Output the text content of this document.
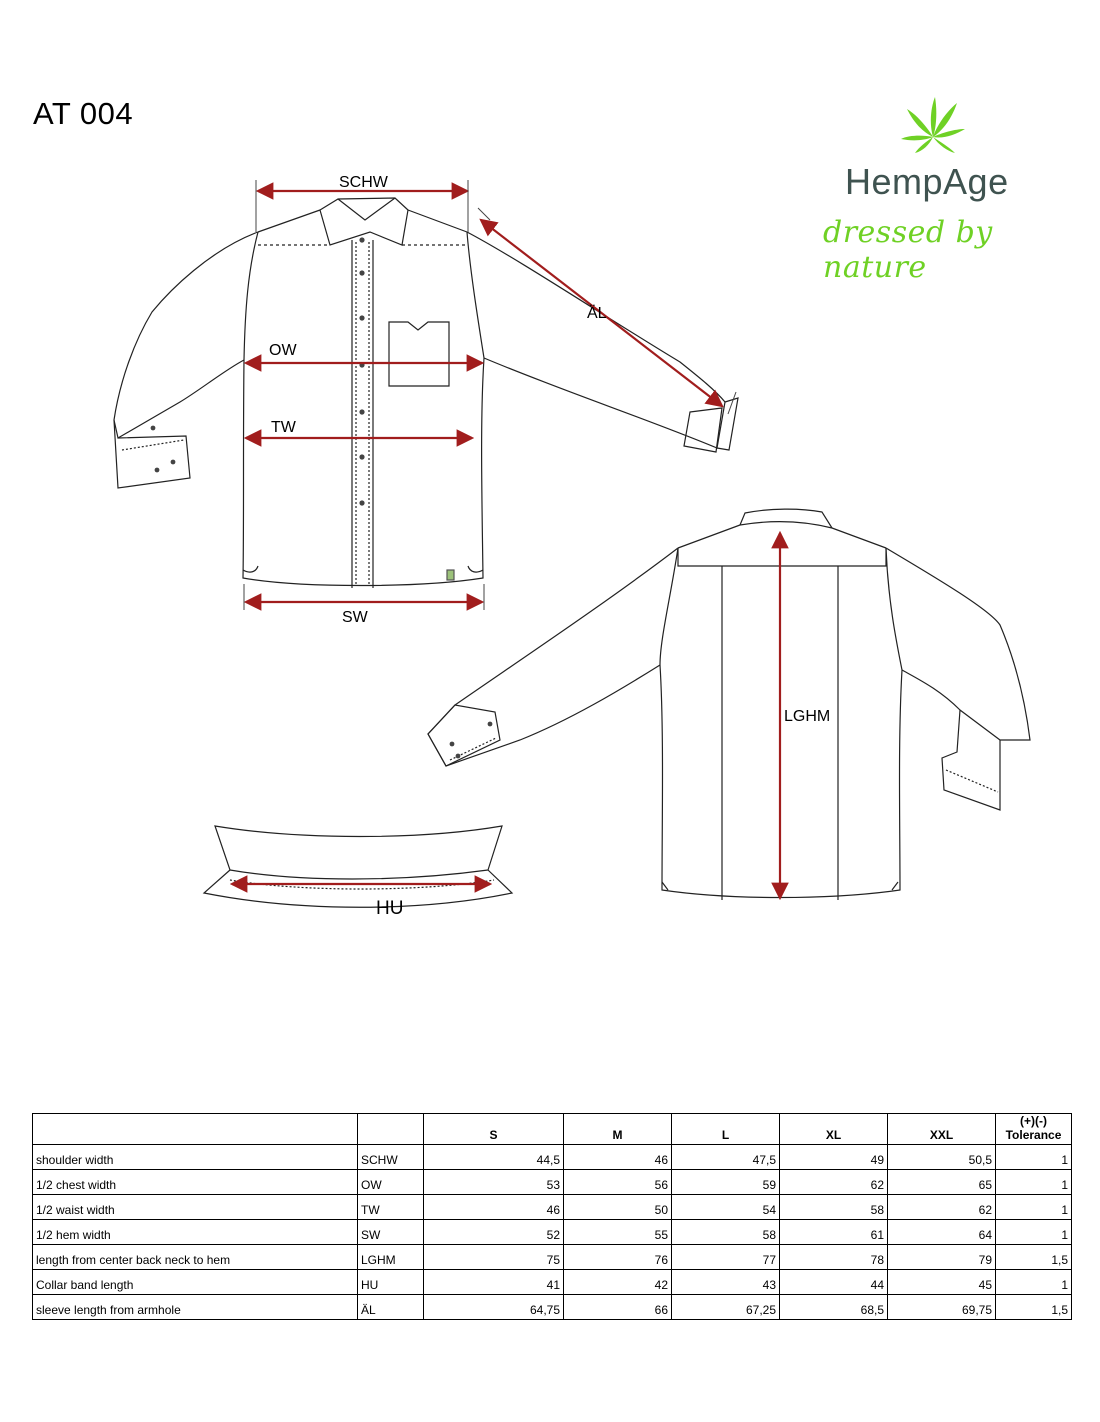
AT 004
HempAge
dressed by nature
SCHW
ÄL
OW
TW
SW
LGHM
HU
		S	M	L	XL	XXL	(+)(-) Tolerance
shoulder width	SCHW	44,5	46	47,5	49	50,5	1
1/2 chest width	OW	53	56	59	62	65	1
1/2 waist width	TW	46	50	54	58	62	1
1/2 hem width	SW	52	55	58	61	64	1
length from center back neck to hem	LGHM	75	76	77	78	79	1,5
Collar band length	HU	41	42	43	44	45	1
sleeve length from armhole	ÄL	64,75	66	67,25	68,5	69,75	1,5
